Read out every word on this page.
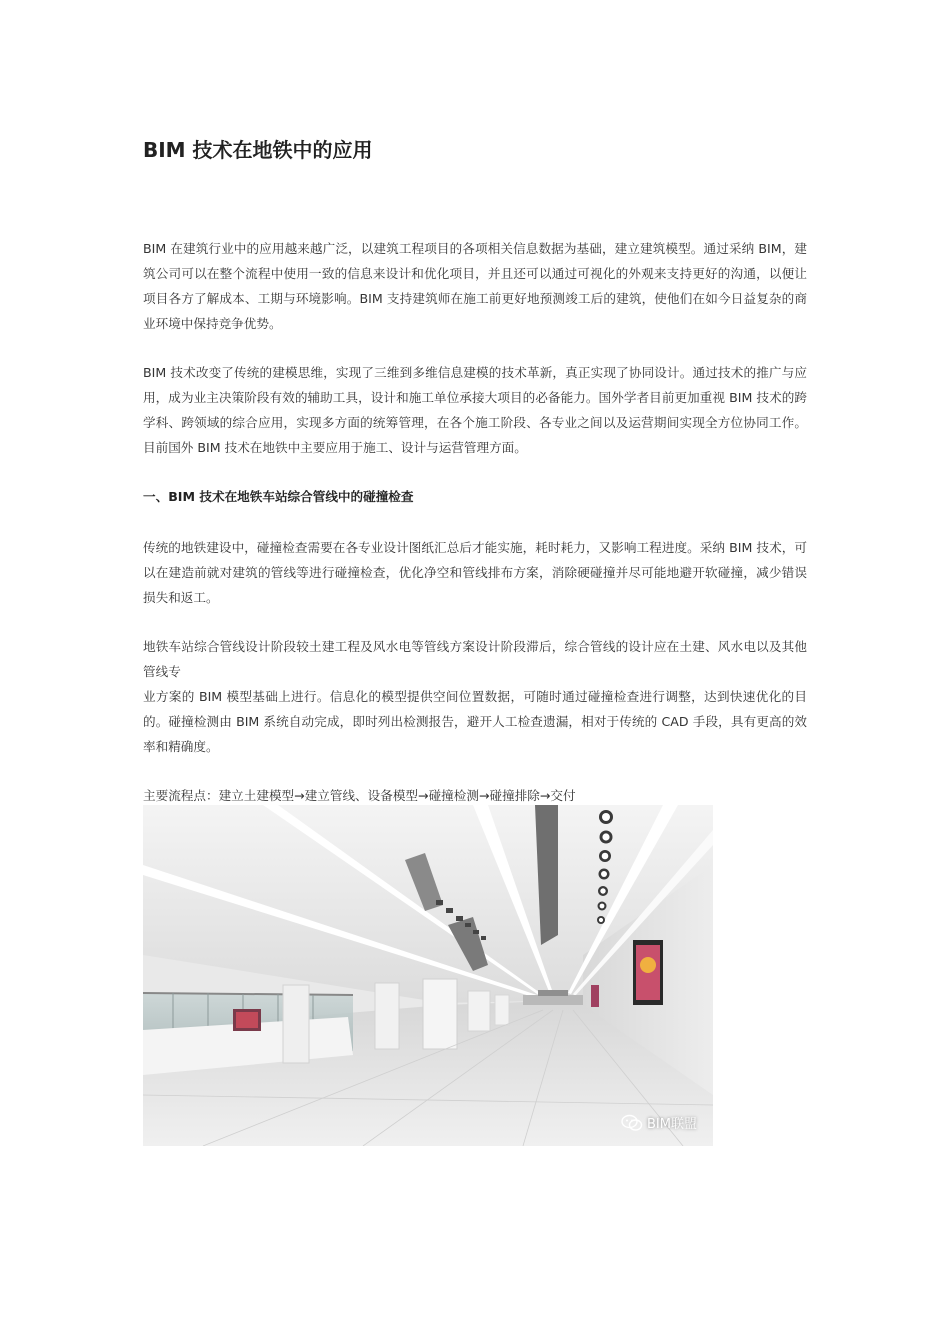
BIM 技术在地铁中的应用

BIM 在建筑行业中的应用越来越广泛，以建筑工程项目的各项相关信息数据为基础，建立建筑模型。通过采纳 BIM，建筑公司可以在整个流程中使用一致的信息来设计和优化项目，并且还可以通过可视化的外观来支持更好的沟通，以便让项目各方了解成本、工期与环境影响。BIM 支持建筑师在施工前更好地预测竣工后的建筑，使他们在如今日益复杂的商业环境中保持竞争优势。

BIM 技术改变了传统的建模思维，实现了三维到多维信息建模的技术革新，真正实现了协同设计。通过技术的推广与应用，成为业主决策阶段有效的辅助工具，设计和施工单位承接大项目的必备能力。国外学者目前更加重视 BIM 技术的跨学科、跨领域的综合应用，实现多方面的统筹管理，在各个施工阶段、各专业之间以及运营期间实现全方位协同工作。目前国外 BIM 技术在地铁中主要应用于施工、设计与运营管理方面。

一、BIM 技术在地铁车站综合管线中的碰撞检查

传统的地铁建设中，碰撞检查需要在各专业设计图纸汇总后才能实施，耗时耗力，又影响工程进度。采纳 BIM 技术，可以在建造前就对建筑的管线等进行碰撞检查，优化净空和管线排布方案，消除硬碰撞并尽可能地避开软碰撞，减少错误损失和返工。

地铁车站综合管线设计阶段较土建工程及风水电等管线方案设计阶段滞后，综合管线的设计应在土建、风水电以及其他管线专

业方案的 BIM 模型基础上进行。信息化的模型提供空间位置数据，可随时通过碰撞检查进行调整，达到快速优化的目的。碰撞检测由 BIM 系统自动完成，即时列出检测报告，避开人工检查遗漏，相对于传统的 CAD 手段，具有更高的效率和精确度。

主要流程点：建立土建模型→建立管线、设备模型→碰撞检测→碰撞排除→交付

BIM联盟
